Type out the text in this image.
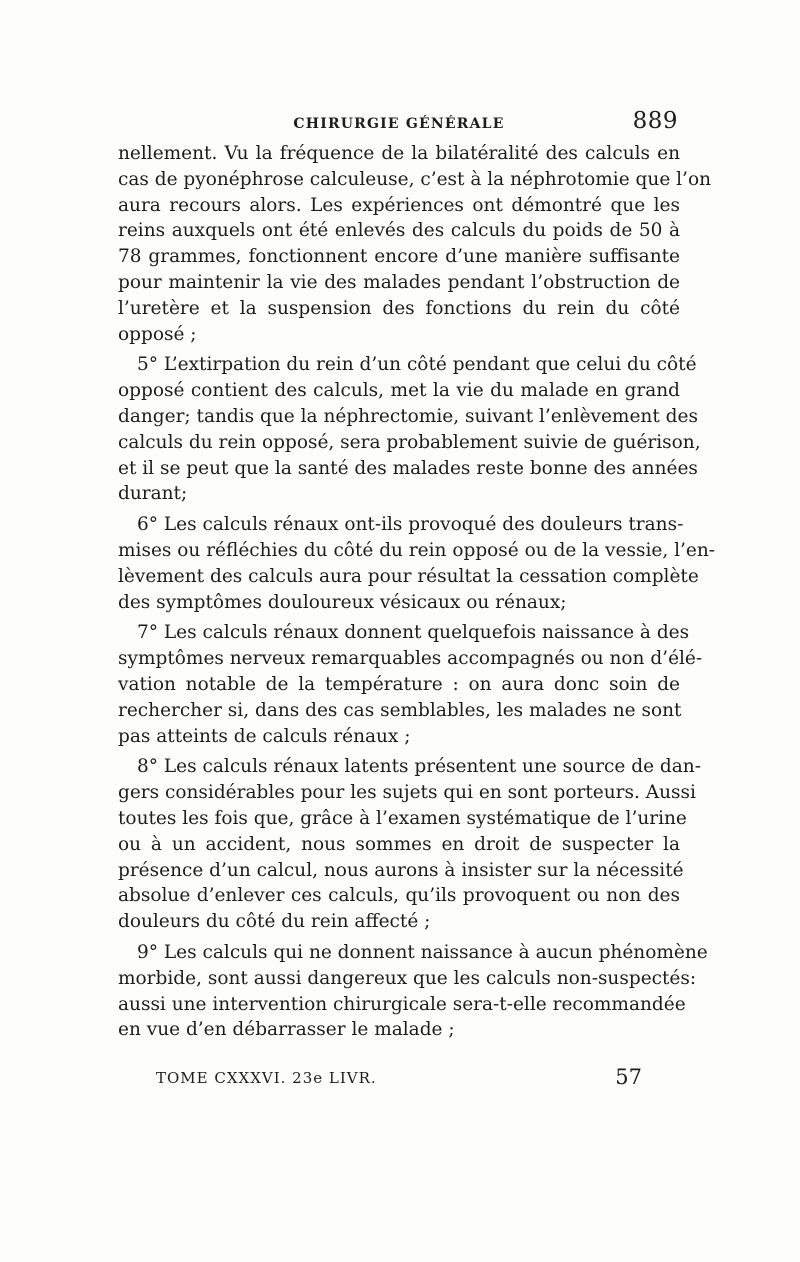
CHIRURGIE GÉNÉRALE	889
nellement. Vu la fréquence de la bilatéralité des calculs en
cas de pyonéphrose calculeuse, c’est à la néphrotomie que l’on
aura recours alors. Les expériences ont démontré que les
reins auxquels ont été enlevés des calculs du poids de 50 à
78 grammes, fonctionnent encore d’une manière suffisante
pour maintenir la vie des malades pendant l’obstruction de
l’uretère et la suspension des fonctions du rein du côté
opposé ;
5° L’extirpation du rein d’un côté pendant que celui du côté
opposé contient des calculs, met la vie du malade en grand
danger; tandis que la néphrectomie, suivant l’enlèvement des
calculs du rein opposé, sera probablement suivie de guérison,
et il se peut que la santé des malades reste bonne des années
durant;
6° Les calculs rénaux ont-ils provoqué des douleurs trans-
mises ou réfléchies du côté du rein opposé ou de la vessie, l’en-
lèvement des calculs aura pour résultat la cessation complète
des symptômes douloureux vésicaux ou rénaux;
7° Les calculs rénaux donnent quelquefois naissance à des
symptômes nerveux remarquables accompagnés ou non d’élé-
vation notable de la température : on aura donc soin de
rechercher si, dans des cas semblables, les malades ne sont
pas atteints de calculs rénaux ;
8° Les calculs rénaux latents présentent une source de dan-
gers considérables pour les sujets qui en sont porteurs. Aussi
toutes les fois que, grâce à l’examen systématique de l’urine
ou à un accident, nous sommes en droit de suspecter la
présence d’un calcul, nous aurons à insister sur la nécessité
absolue d’enlever ces calculs, qu’ils provoquent ou non des
douleurs du côté du rein affecté ;
9° Les calculs qui ne donnent naissance à aucun phénomène
morbide, sont aussi dangereux que les calculs non-suspectés:
aussi une intervention chirurgicale sera-t-elle recommandée
en vue d’en débarrasser le malade ;
TOME CXXXVI. 23e LIVR.	57
